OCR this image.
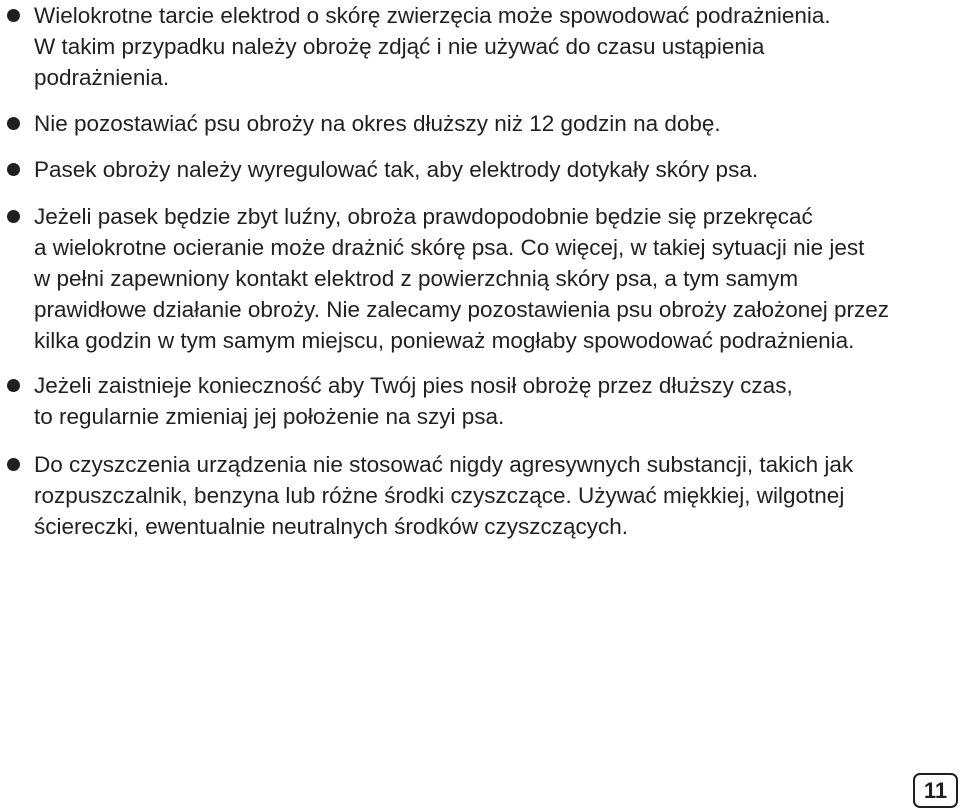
Wielokrotne tarcie elektrod o skórę zwierzęcia może spowodować podrażnienia.
W takim przypadku należy obrożę zdjąć i nie używać do czasu ustąpienia
podrażnienia.
Nie pozostawiać psu obroży na okres dłuższy niż 12 godzin na dobę.
Pasek obroży należy wyregulować tak, aby elektrody dotykały skóry psa.
Jeżeli pasek będzie zbyt luźny, obroża prawdopodobnie będzie się przekręcać
a wielokrotne ocieranie może drażnić skórę psa. Co więcej, w takiej sytuacji nie jest
w pełni zapewniony kontakt elektrod z powierzchnią skóry psa, a tym samym
prawidłowe działanie obroży. Nie zalecamy pozostawienia psu obroży założonej przez
kilka godzin w tym samym miejscu, ponieważ mogłaby spowodować podrażnienia.
Jeżeli zaistnieje konieczność aby Twój pies nosił obrożę przez dłuższy czas,
to regularnie zmieniaj jej położenie na szyi psa.
Do czyszczenia urządzenia nie stosować nigdy agresywnych substancji, takich jak
rozpuszczalnik, benzyna lub różne środki czyszczące. Używać miękkiej, wilgotnej
ściereczki, ewentualnie neutralnych środków czyszczących.
11
